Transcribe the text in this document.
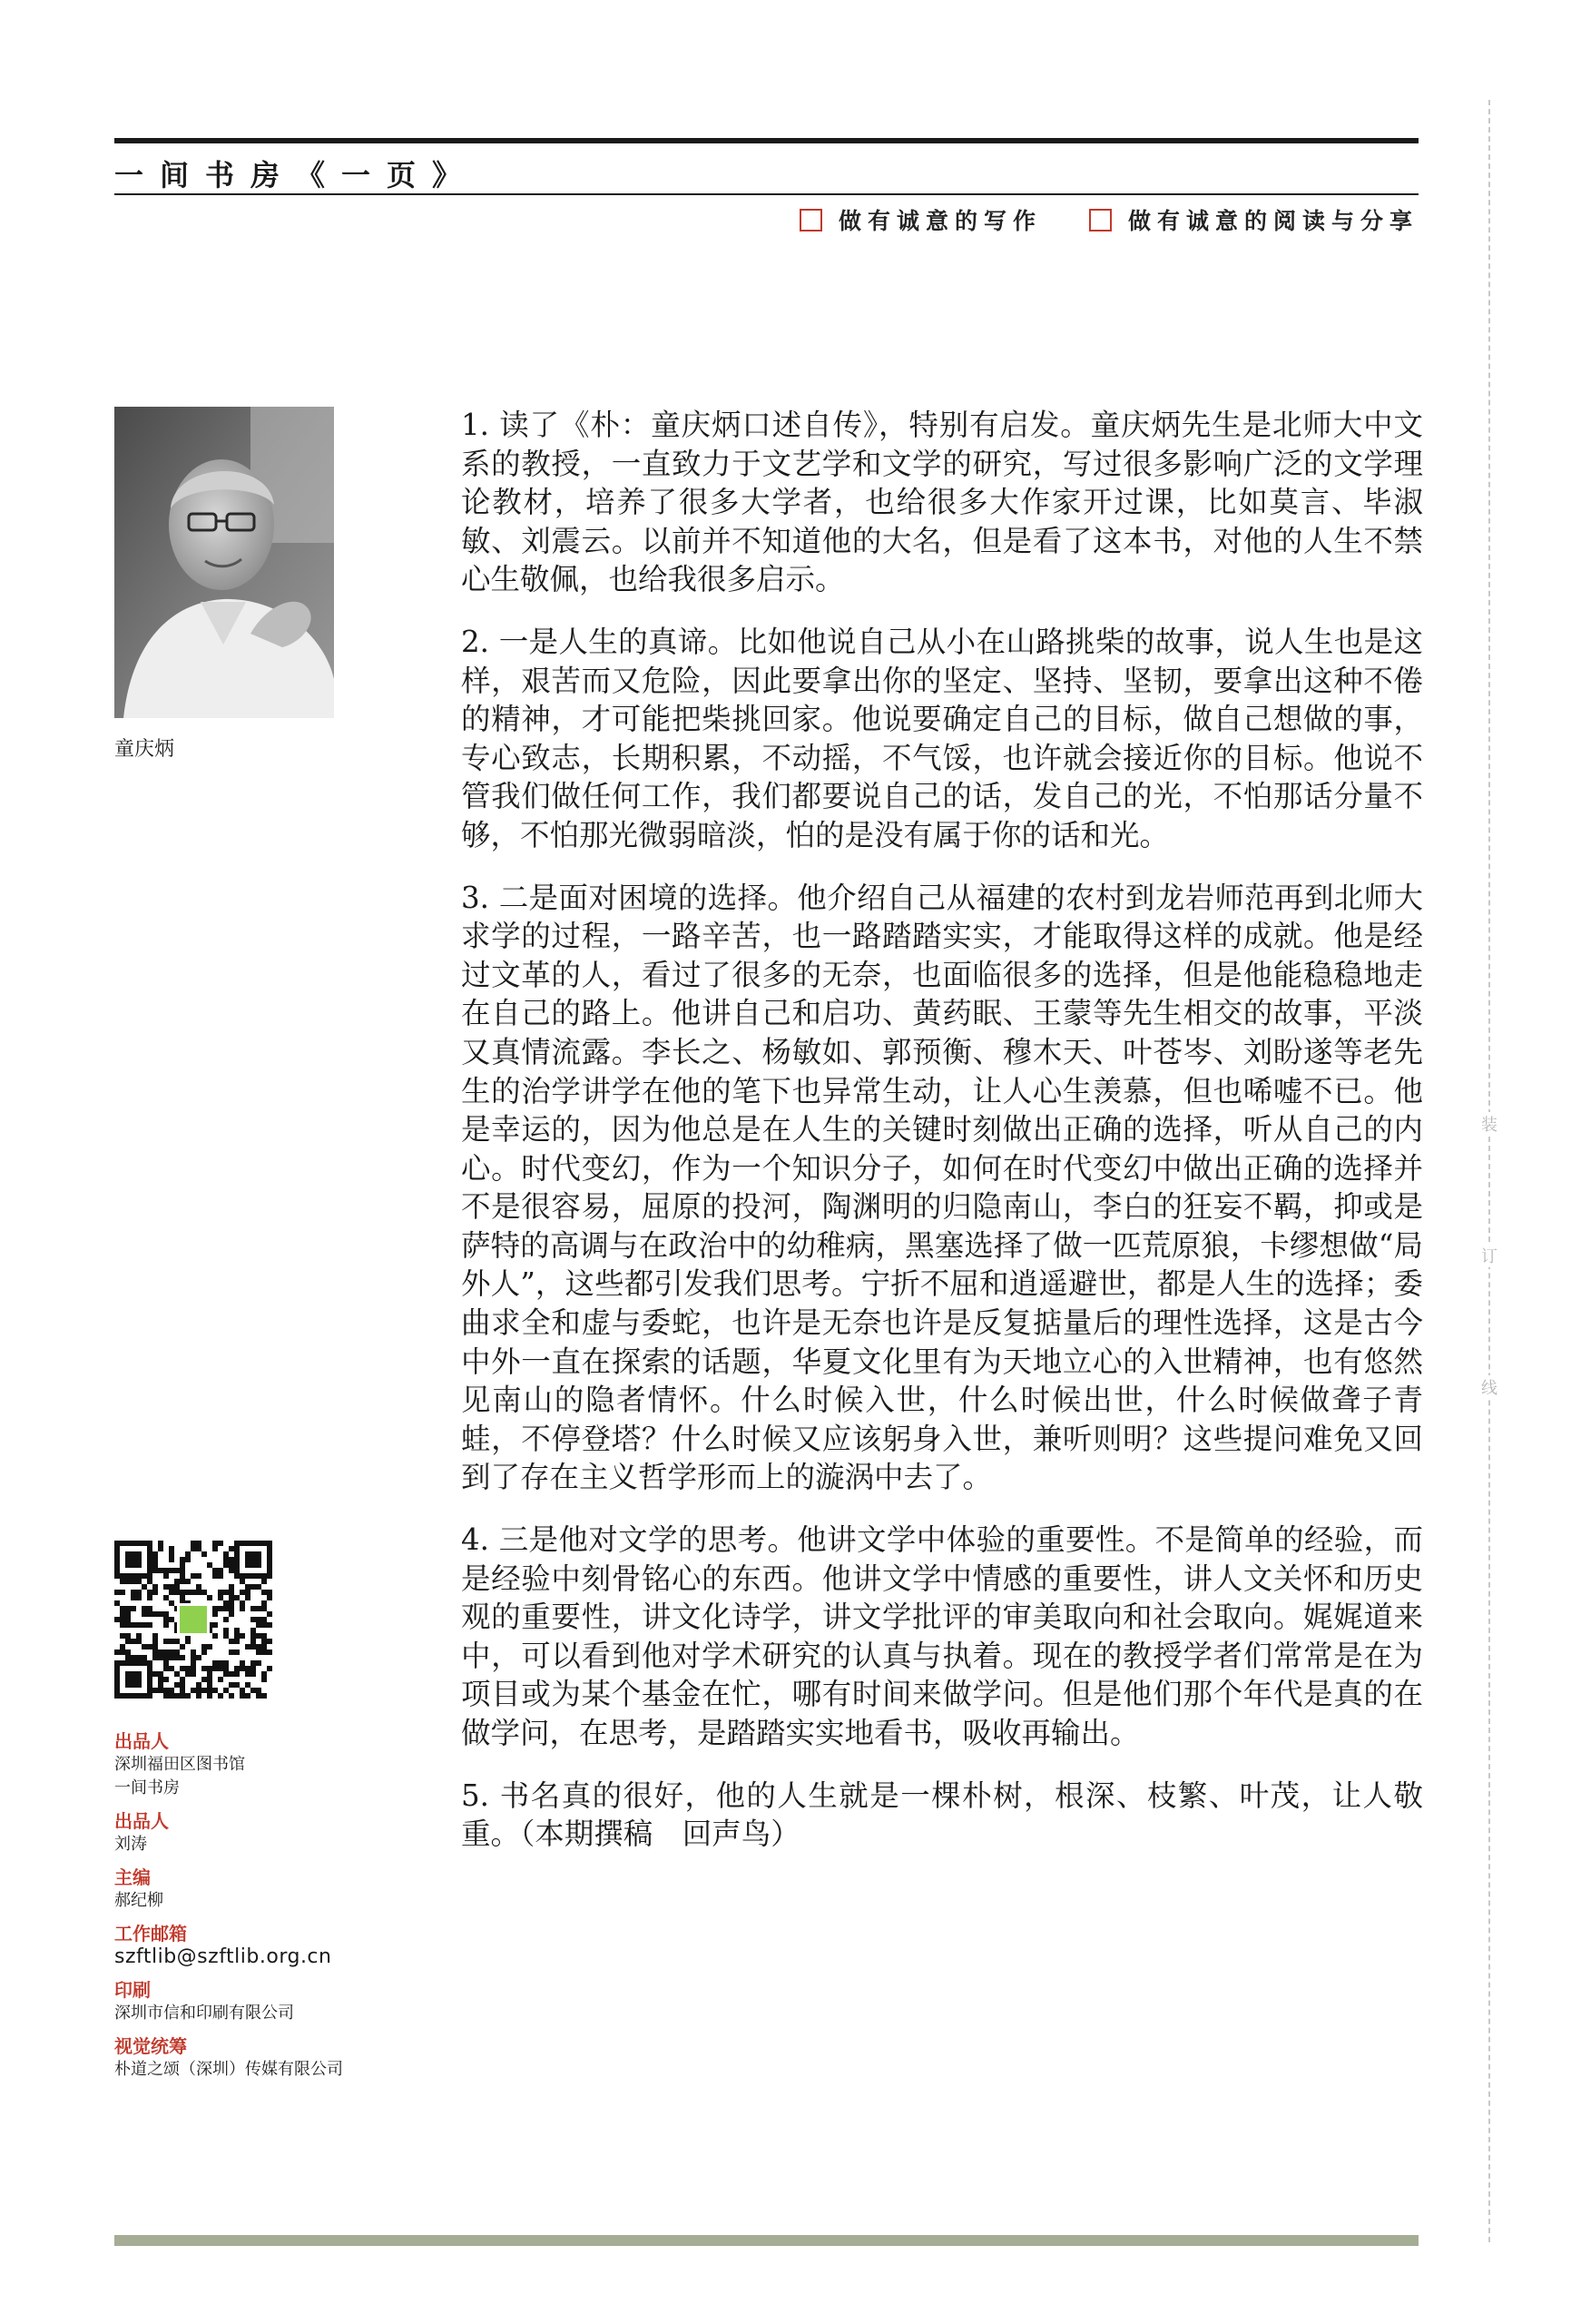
一间书房《一页》
做有诚意的写作	做有诚意的阅读与分享
童庆炳

1. 读了《朴：童庆炳口述自传》，特别有启发。童庆炳先生是北师大中文系的教授，一直致力于文艺学和文学的研究，写过很多影响广泛的文学理论教材，培养了很多大学者，也给很多大作家开过课，比如莫言、毕淑敏、刘震云。以前并不知道他的大名，但是看了这本书，对他的人生不禁心生敬佩，也给我很多启示。

2. 一是人生的真谛。比如他说自己从小在山路挑柴的故事，说人生也是这样，艰苦而又危险，因此要拿出你的坚定、坚持、坚韧，要拿出这种不倦的精神，才可能把柴挑回家。他说要确定自己的目标，做自己想做的事，专心致志，长期积累，不动摇，不气馁，也许就会接近你的目标。他说不管我们做任何工作，我们都要说自己的话，发自己的光，不怕那话分量不够，不怕那光微弱暗淡，怕的是没有属于你的话和光。

3. 二是面对困境的选择。他介绍自己从福建的农村到龙岩师范再到北师大求学的过程，一路辛苦，也一路踏踏实实，才能取得这样的成就。他是经过文革的人，看过了很多的无奈，也面临很多的选择，但是他能稳稳地走在自己的路上。他讲自己和启功、黄药眠、王蒙等先生相交的故事，平淡又真情流露。李长之、杨敏如、郭预衡、穆木天、叶苍岑、刘盼遂等老先生的治学讲学在他的笔下也异常生动，让人心生羡慕，但也唏嘘不已。他是幸运的，因为他总是在人生的关键时刻做出正确的选择，听从自己的内心。时代变幻，作为一个知识分子，如何在时代变幻中做出正确的选择并不是很容易，屈原的投河，陶渊明的归隐南山，李白的狂妄不羁，抑或是萨特的高调与在政治中的幼稚病，黑塞选择了做一匹荒原狼，卡缪想做“局外人”，这些都引发我们思考。宁折不屈和逍遥避世，都是人生的选择；委曲求全和虚与委蛇，也许是无奈也许是反复掂量后的理性选择，这是古今中外一直在探索的话题，华夏文化里有为天地立心的入世精神，也有悠然见南山的隐者情怀。什么时候入世，什么时候出世，什么时候做聋子青蛙，不停登塔？什么时候又应该躬身入世，兼听则明？这些提问难免又回到了存在主义哲学形而上的漩涡中去了。

4. 三是他对文学的思考。他讲文学中体验的重要性。不是简单的经验，而是经验中刻骨铭心的东西。他讲文学中情感的重要性，讲人文关怀和历史观的重要性，讲文化诗学，讲文学批评的审美取向和社会取向。娓娓道来中，可以看到他对学术研究的认真与执着。现在的教授学者们常常是在为项目或为某个基金在忙，哪有时间来做学问。但是他们那个年代是真的在做学问，在思考，是踏踏实实地看书，吸收再输出。

5. 书名真的很好，他的人生就是一棵朴树，根深、枝繁、叶茂，让人敬重。（本期撰稿　回声鸟）

出品人
深圳福田区图书馆
一间书房
出品人
刘涛
主编
郝纪柳
工作邮箱
szftlib@szftlib.org.cn
印刷
深圳市信和印刷有限公司
视觉统筹
朴道之颂（深圳）传媒有限公司
装
订
线
